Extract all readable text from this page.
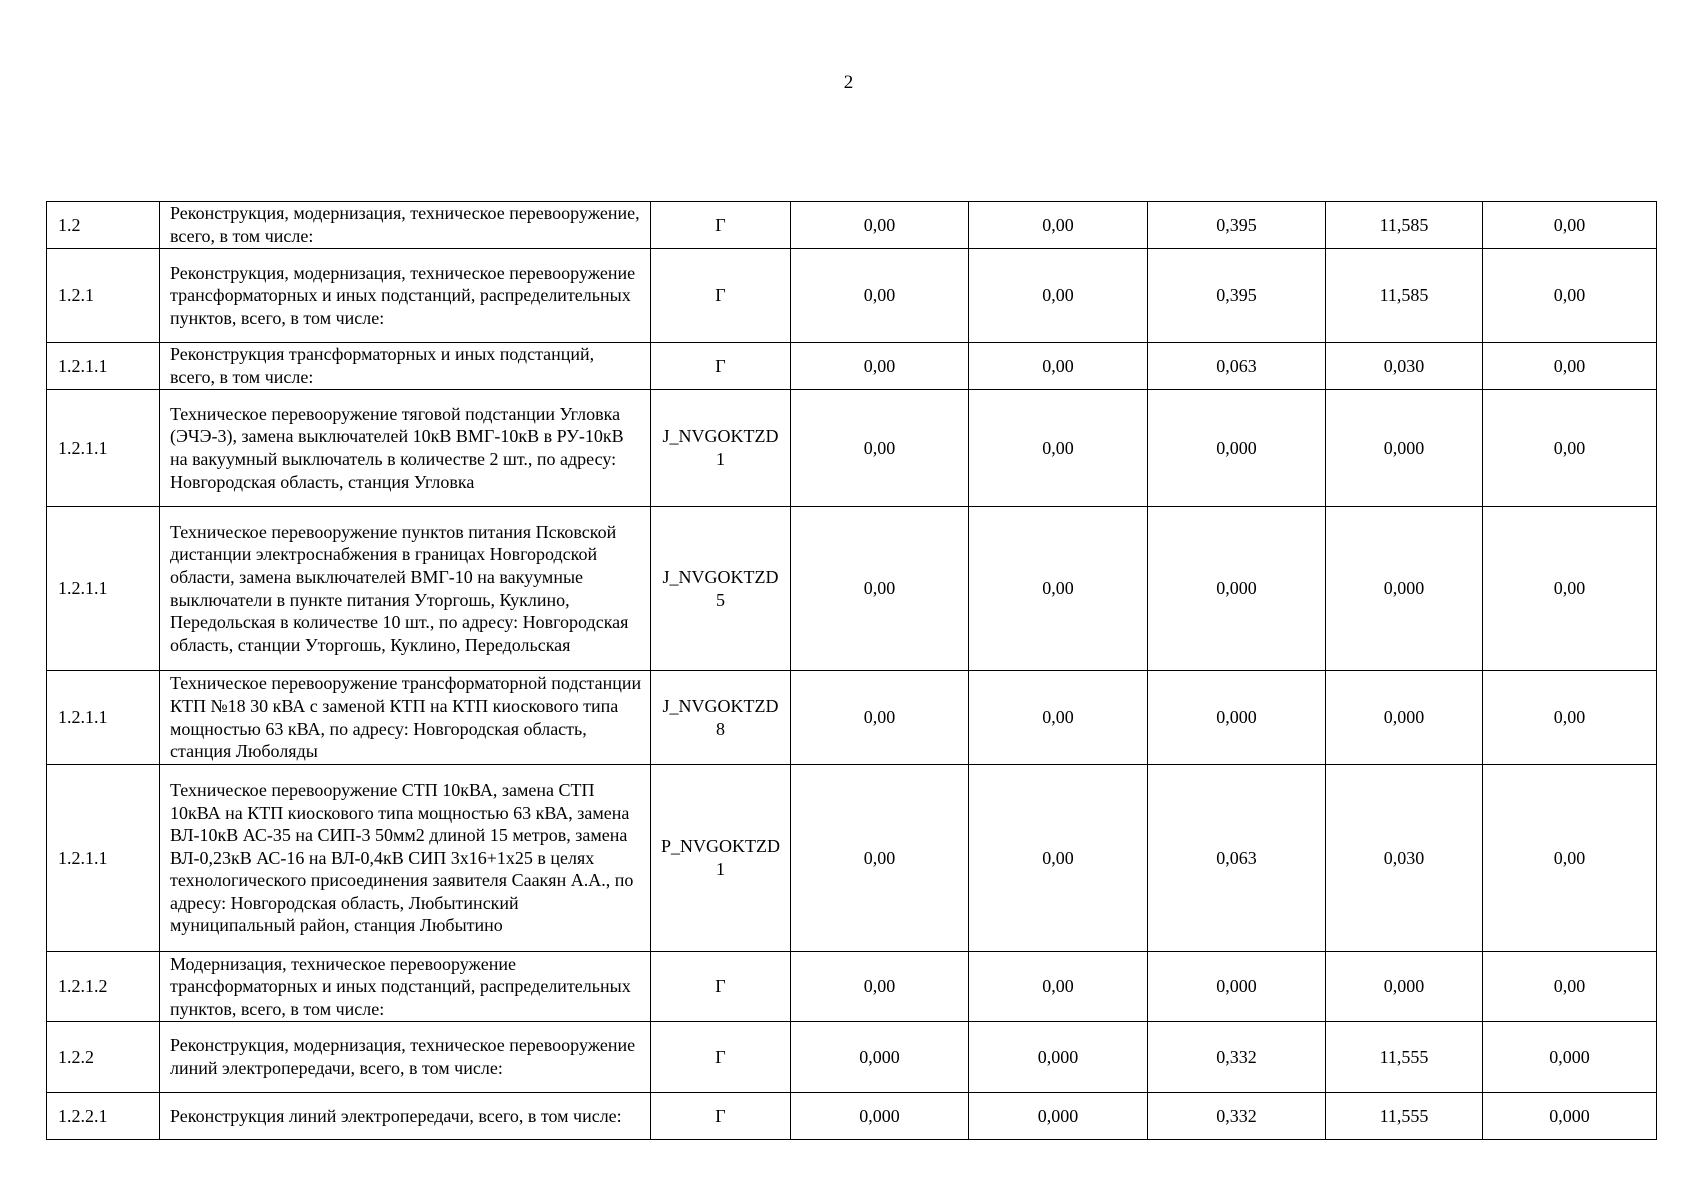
2
1.2	Реконструкция, модернизация, техническое перевооружение, всего, в том числе:	Г	0,00	0,00	0,395	11,585	0,00
1.2.1	Реконструкция, модернизация, техническое перевооружение трансформаторных и иных подстанций, распределительных пунктов, всего, в том числе:	Г	0,00	0,00	0,395	11,585	0,00
1.2.1.1	Реконструкция трансформаторных и иных подстанций, всего, в том числе:	Г	0,00	0,00	0,063	0,030	0,00
1.2.1.1	Техническое перевооружение тяговой подстанции Угловка (ЭЧЭ-3), замена выключателей 10кВ ВМГ-10кВ в РУ-10кВ на вакуумный выключатель в количестве 2 шт., по адресу: Новгородская область, станция Угловка	J_NVGOKTZD1	0,00	0,00	0,000	0,000	0,00
1.2.1.1	Техническое перевооружение пунктов питания Псковской дистанции электроснабжения в границах Новгородской области, замена выключателей ВМГ-10 на вакуумные выключатели в пункте питания Уторгошь, Куклино, Передольская в количестве 10 шт., по адресу: Новгородская область, станции Уторгошь, Куклино, Передольская	J_NVGOKTZD5	0,00	0,00	0,000	0,000	0,00
1.2.1.1	Техническое перевооружение трансформаторной подстанции КТП №18 30 кВА с заменой КТП на КТП киоскового типа мощностью 63 кВА, по адресу: Новгородская область, станция Люболяды	J_NVGOKTZD8	0,00	0,00	0,000	0,000	0,00
1.2.1.1	Техническое перевооружение СТП 10кВА, замена СТП 10кВА на КТП киоскового типа мощностью 63 кВА, замена ВЛ-10кВ АС-35 на СИП-3 50мм2 длиной 15 метров, замена ВЛ-0,23кВ АС-16 на ВЛ-0,4кВ СИП 3х16+1х25 в целях технологического присоединения заявителя Саакян А.А., по адресу: Новгородская область, Любытинский муниципальный район, станция Любытино	P_NVGOKTZD1	0,00	0,00	0,063	0,030	0,00
1.2.1.2	Модернизация, техническое перевооружение трансформаторных и иных подстанций, распределительных пунктов, всего, в том числе:	Г	0,00	0,00	0,000	0,000	0,00
1.2.2	Реконструкция, модернизация, техническое перевооружение линий электропередачи, всего, в том числе:	Г	0,000	0,000	0,332	11,555	0,000
1.2.2.1	Реконструкция линий электропередачи, всего, в том числе:	Г	0,000	0,000	0,332	11,555	0,000
